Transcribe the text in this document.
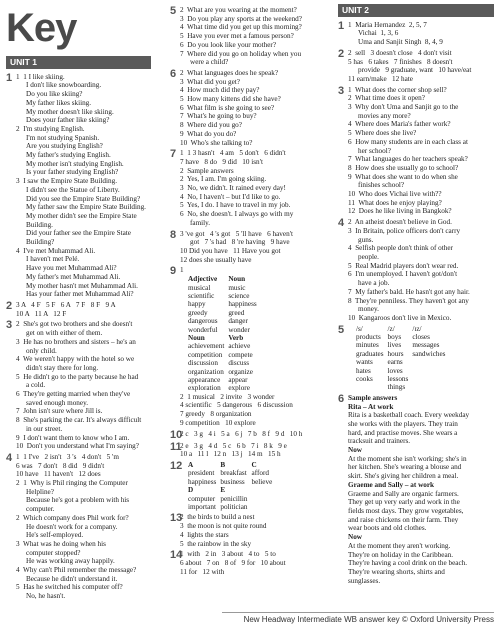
Key
UNIT 1
1 1  1 I like skiing.
I don't like snowboarding.
Do you like skiing?
My father likes skiing.
My mother doesn't like skiing.
Does your father like skiing?
2  I'm studying English.
I'm not studying Spanish.
Are you studying English?
My father's studying English.
My mother isn't studying English.
Is your father studying English?
3  I saw the Empire State Building.
I didn't see the Statue of Liberty.
Did you see the Empire State Building?
My father saw the Empire State Building.
My mother didn't see the Empire State
Building.
Did your father see the Empire State
Building?
4  I've met Muhammad Ali.
I haven't met Pelé.
Have you met Muhammad Ali?
My father's met Muhammad Ali.
My mother hasn't met Muhammad Ali.
Has your father met Muhammad Ali?
2 3 A   4 F   5 F   6 A   7 F   8 F   9 A
10 A   11 A   12 F
3 2  She's got two brothers and she doesn't
get on with either of them.
3  He has no brothers and sisters – he's an
only child.
4  We weren't happy with the hotel so we
didn't stay there for long.
5  He didn't go to the party because he had
a cold.
6  They're getting married when they've
saved enough money.
7  John isn't sure where Jill is.
8  She's parking the car. It's always difficult
in our street.
9  I don't want them to know who I am.
10  Don't you understand what I'm saying?
4 1  1 I've   2 isn't   3 's   4 don't   5 'm
6 was   7 don't   8 did   9 didn't
10 have   11 haven't   12 does
2  1  Why is Phil ringing the Computer
Helpline?
Because he's got a problem with his
computer.
2  Which company does Phil work for?
He doesn't work for a company.
He's self-employed.
3  What was he doing when his
computer stopped?
He was working away happily.
4  Why can't Phil remember the message?
Because he didn't understand it.
5  Has he switched his computer off?
No, he hasn't.
5 2  What are you wearing at the moment?
3  Do you play any sports at the weekend?
4  What time did you get up this morning?
5  Have you ever met a famous person?
6  Do you look like your mother?
7  Where did you go on holiday when you
were a child?
6 2  What languages does he speak?
3  What did you get?
4  How much did they pay?
5  How many kittens did she have?
6  What film is she going to see?
7  What's he going to buy?
8  Where did you go?
9  What do you do?
10  Who's she talking to?
7 1  1 3 hasn't   4 am   5 don't   6 didn't
7 have   8 do   9 did   10 isn't
2  Sample answers
2  Yes, I am. I'm going skiing.
3  No, we didn't. It rained every day!
4  No, I haven't – but I'd like to go.
5  Yes, I do. I have to travel in my job.
6  No, she doesn't. I always go with my
family.
8 3 've got   4 's got   5 'll have   6 haven't
got   7 's had   8 're having   9 have
10 Did you have   11 Have you got
12 does she usually have
9 1
Adjective	Noun
musical	music
scientific	science
happy	happiness
greedy	greed
dangerous	danger
wonderful	wonder
Noun	Verb
achievement	achieve
competition	compete
discussion	discuss
organization	organize
appearance	appear
exploration	explore
2  1 musical   2 invite   3 wonder
4 scientific   5 dangerous   6 discussion
7 greedy   8 organization
9 competition   10 explore
10
2 c   3 g   4 i   5 a   6 j   7 b   8 f   9 d   10 h
11
2 e   3 g   4 d   5 c   6 b   7 i   8 k   9 e
10 a   11 l   12 n   13 j   14 m   15 h
12 A	B	C
president	breakfast	afford
happiness	business	believe
D	E	
computer	penicillin	
important	politician	
13
2  the birds to build a nest
3  the moon is not quite round
4  lights the stars
5  the rainbow in the sky
14
1  with   2 in   3 about   4 to   5 to
6 about   7 on   8 of   9 for   10 about
11 for   12 with
UNIT 2
1 1  Maria Hernandez  2, 5, 7
Vichai  1, 3, 6
Uma and Sanjit Singh  8, 4, 9
2 2  sell   3 doesn't close   4 don't visit
5 has   6 takes   7 finishes   8 doesn't
provide   9 graduate, want   10 have/eat
11 earn/make   12 hate
3 1  What does the corner shop sell?
2  What time does it open?
3  Why don't Uma and Sanjit go to the
movies any more?
4  Where does Maria's father work?
5  Where does she live?
6  How many students are in each class at
her school?
7  What languages do her teachers speak?
8  How does she usually go to school?
9  What does she want to do when she
finishes school?
10  Who does Vichai live with??
11  What does he enjoy playing?
12  Does he like living in Bangkok?
4 2  An atheist doesn't believe in God.
3  In Britain, police officers don't carry
guns.
4  Selfish people don't think of other
people.
5  Real Madrid players don't wear red.
6  I'm unemployed. I haven't got/don't
have a job.
7  My father's bald. He hasn't got any hair.
8  They're penniless. They haven't got any
money.
10  Kangaroos don't live in Mexico.
5	/s/	/z/	/ɪz/
products	boys	closes
minutes	lives	messages
graduates	hours	sandwiches
wants	earns	
hates	loves	
cooks	lessons	
	things	
6 Sample answers
Rita – At work
Rita is a basketball coach. Every weekday
she works with the players. They train
hard, and practise moves. She wears a
tracksuit and trainers.
Now
At the moment she isn't working; she's in
her kitchen. She's wearing a blouse and
skirt. She's giving her children a meal.
Graeme and Sally – at work
Graeme and Sally are organic farmers.
They get up very early and work in the
fields most days. They grow vegetables,
and raise chickens on their farm. They
wear boots and old clothes.
Now
At the moment they aren't working.
They're on holiday in the Caribbean.
They're having a cool drink on the beach.
They're wearing shorts, shirts and
sunglasses.
New Headway Intermediate WB answer key © Oxford University Press
